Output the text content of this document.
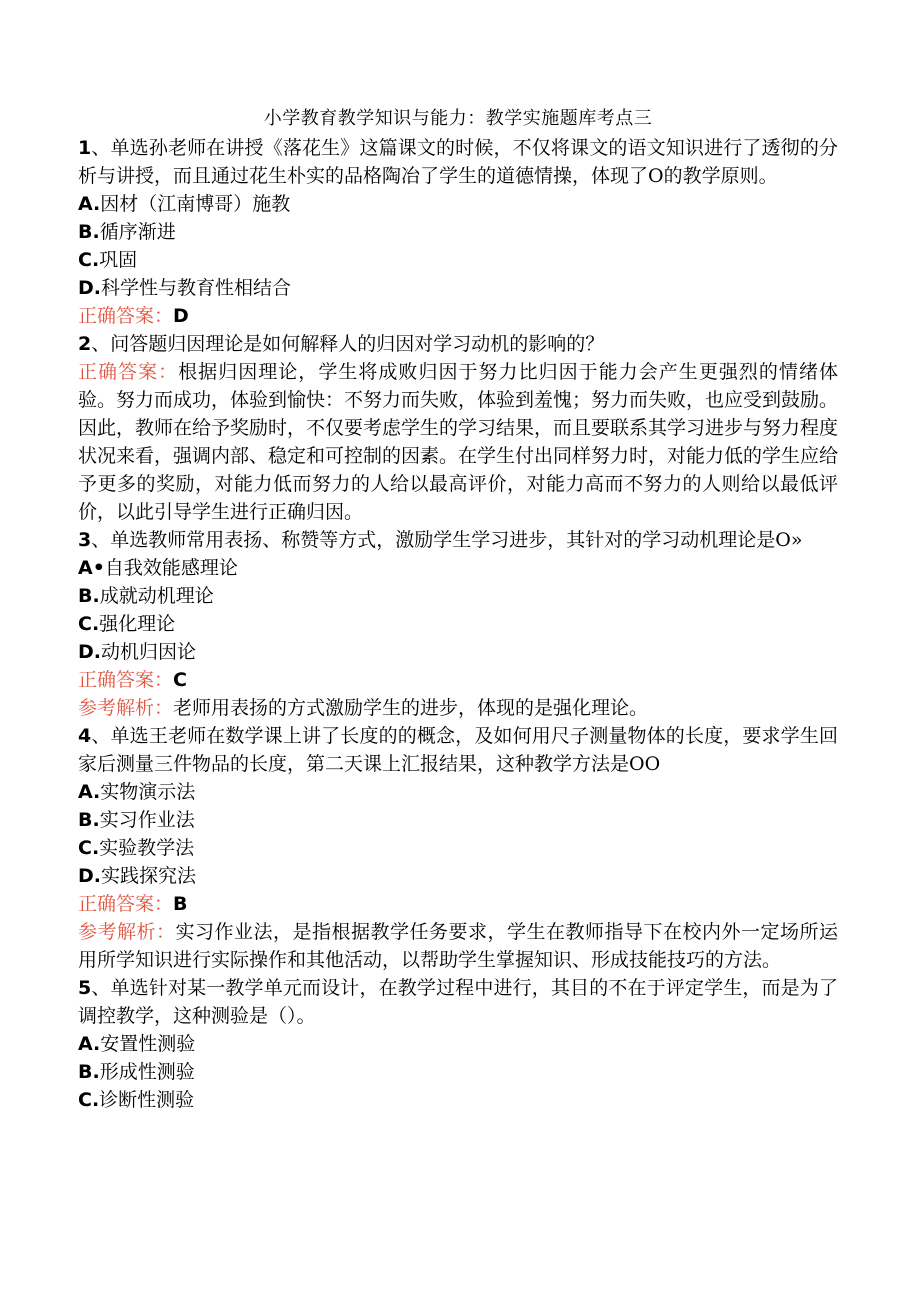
小学教育教学知识与能力：教学实施题库考点三
1、单选孙老师在讲授《落花生》这篇课文的时候，不仅将课文的语文知识进行了透彻的分析与讲授，而且通过花生朴实的品格陶冶了学生的道德情操，体现了O的教学原则。
A.因材（江南博哥）施教
B.循序渐进
C.巩固
D.科学性与教育性相结合
正确答案：D
2、问答题归因理论是如何解释人的归因对学习动机的影响的？
正确答案：根据归因理论，学生将成败归因于努力比归因于能力会产生更强烈的情绪体验。努力而成功，体验到愉快：不努力而失败，体验到羞愧；努力而失败，也应受到鼓励。因此，教师在给予奖励时，不仅要考虑学生的学习结果，而且要联系其学习进步与努力程度状况来看，强调内部、稳定和可控制的因素。在学生付出同样努力时，对能力低的学生应给予更多的奖励，对能力低而努力的人给以最高评价，对能力高而不努力的人则给以最低评价，以此引导学生进行正确归因。
3、单选教师常用表扬、称赞等方式，激励学生学习进步，其针对的学习动机理论是O»
A•自我效能感理论
B.成就动机理论
C.强化理论
D.动机归因论
正确答案：C
参考解析：老师用表扬的方式激励学生的进步，体现的是强化理论。
4、单选王老师在数学课上讲了长度的的概念，及如何用尺子测量物体的长度，要求学生回家后测量三件物品的长度，第二天课上汇报结果，这种教学方法是OO
A.实物演示法
B.实习作业法
C.实验教学法
D.实践探究法
正确答案：B
参考解析：实习作业法，是指根据教学任务要求，学生在教师指导下在校内外一定场所运用所学知识进行实际操作和其他活动，以帮助学生掌握知识、形成技能技巧的方法。
5、单选针对某一教学单元而设计，在教学过程中进行，其目的不在于评定学生，而是为了调控教学，这种测验是（）。
A.安置性测验
B.形成性测验
C.诊断性测验
